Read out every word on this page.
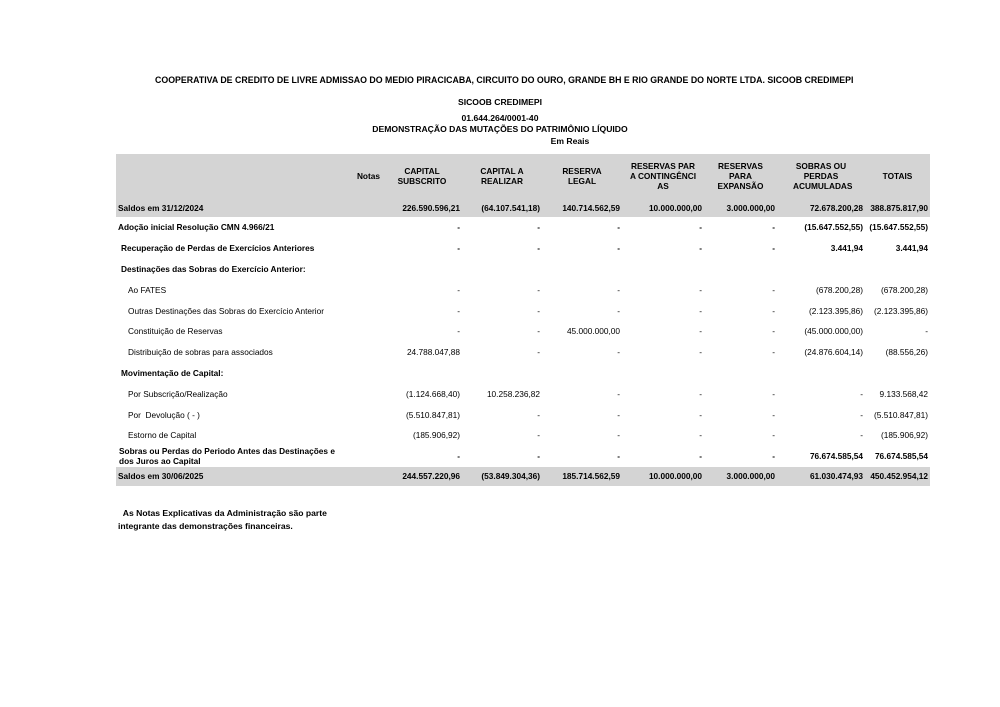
COOPERATIVA DE CREDITO DE LIVRE ADMISSAO DO MEDIO PIRACICABA, CIRCUITO DO OURO, GRANDE BH E RIO GRANDE DO NORTE LTDA. SICOOB CREDIMEPI
SICOOB CREDIMEPI
01.644.264/0001-40
DEMONSTRAÇÃO DAS MUTAÇÕES DO PATRIMÔNIO LÍQUIDO
Em Reais
	Notas	CAPITAL SUBSCRITO	CAPITAL A REALIZAR	RESERVA LEGAL	RESERVAS PARA CONTINGÊNCIAS	RESERVAS PARA EXPANSÃO	SOBRAS OU PERDAS ACUMULADAS	TOTAIS
Saldos em 31/12/2024		226.590.596,21	(64.107.541,18)	140.714.562,59	10.000.000,00	3.000.000,00	72.678.200,28	388.875.817,90
Adoção inicial Resolução CMN 4.966/21		-	-	-	-	-	(15.647.552,55)	(15.647.552,55)
Recuperação de Perdas de Exercícios Anteriores		-	-	-	-	-	3.441,94	3.441,94
Destinações das Sobras do Exercício Anterior:								
Ao FATES		-	-	-	-	-	(678.200,28)	(678.200,28)
Outras Destinações das Sobras do Exercício Anterior		-	-	-	-	-	(2.123.395,86)	(2.123.395,86)
Constituição de Reservas		-	-	45.000.000,00	-	-	(45.000.000,00)	-
Distribuição de sobras para associados		24.788.047,88	-	-	-	-	(24.876.604,14)	(88.556,26)
Movimentação de Capital:								
Por Subscrição/Realização		(1.124.668,40)	10.258.236,82	-	-	-	-	9.133.568,42
Por  Devolução ( - )		(5.510.847,81)	-	-	-	-	-	(5.510.847,81)
Estorno de Capital		(185.906,92)	-	-	-	-	-	(185.906,92)
Sobras ou Perdas do Periodo Antes das Destinações e dos Juros ao Capital		-	-	-	-	-	76.674.585,54	76.674.585,54
Saldos em 30/06/2025		244.557.220,96	(53.849.304,36)	185.714.562,59	10.000.000,00	3.000.000,00	61.030.474,93	450.452.954,12
As Notas Explicativas da Administração são parte integrante das demonstrações financeiras.
